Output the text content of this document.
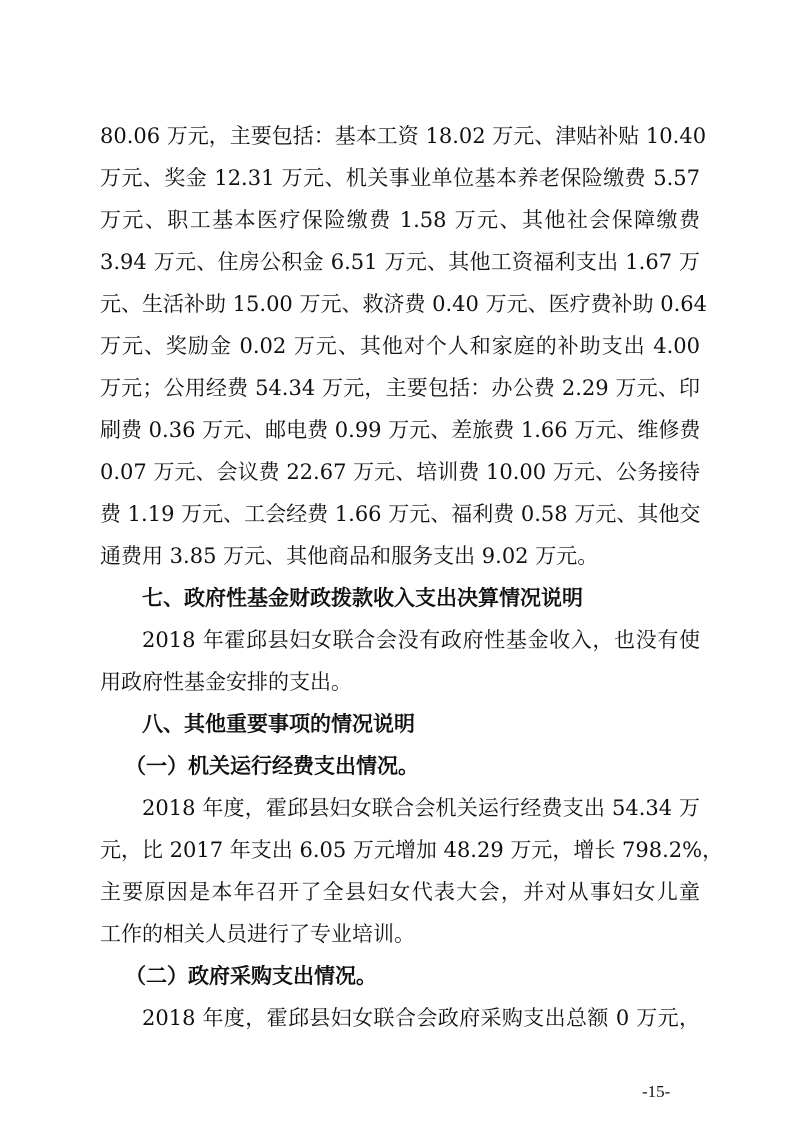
80.06 万元，主要包括：基本工资 18.02 万元、津贴补贴 10.40
万元、奖金 12.31 万元、机关事业单位基本养老保险缴费 5.57
万元、职工基本医疗保险缴费 1.58 万元、其他社会保障缴费
3.94 万元、住房公积金 6.51 万元、其他工资福利支出 1.67 万
元、生活补助 15.00 万元、救济费 0.40 万元、医疗费补助 0.64
万元、奖励金 0.02 万元、其他对个人和家庭的补助支出 4.00
万元；公用经费 54.34 万元，主要包括：办公费 2.29 万元、印
刷费 0.36 万元、邮电费 0.99 万元、差旅费 1.66 万元、维修费
0.07 万元、会议费 22.67 万元、培训费 10.00 万元、公务接待
费 1.19 万元、工会经费 1.66 万元、福利费 0.58 万元、其他交
通费用 3.85 万元、其他商品和服务支出 9.02 万元。
七、政府性基金财政拨款收入支出决算情况说明
2018 年霍邱县妇女联合会没有政府性基金收入，也没有使
用政府性基金安排的支出。
八、其他重要事项的情况说明
（一）机关运行经费支出情况。
2018 年度，霍邱县妇女联合会机关运行经费支出 54.34 万
元，比 2017 年支出 6.05 万元增加 48.29 万元，增长 798.2%，
主要原因是本年召开了全县妇女代表大会，并对从事妇女儿童
工作的相关人员进行了专业培训。
（二）政府采购支出情况。
2018 年度，霍邱县妇女联合会政府采购支出总额 0 万元，
-15-
